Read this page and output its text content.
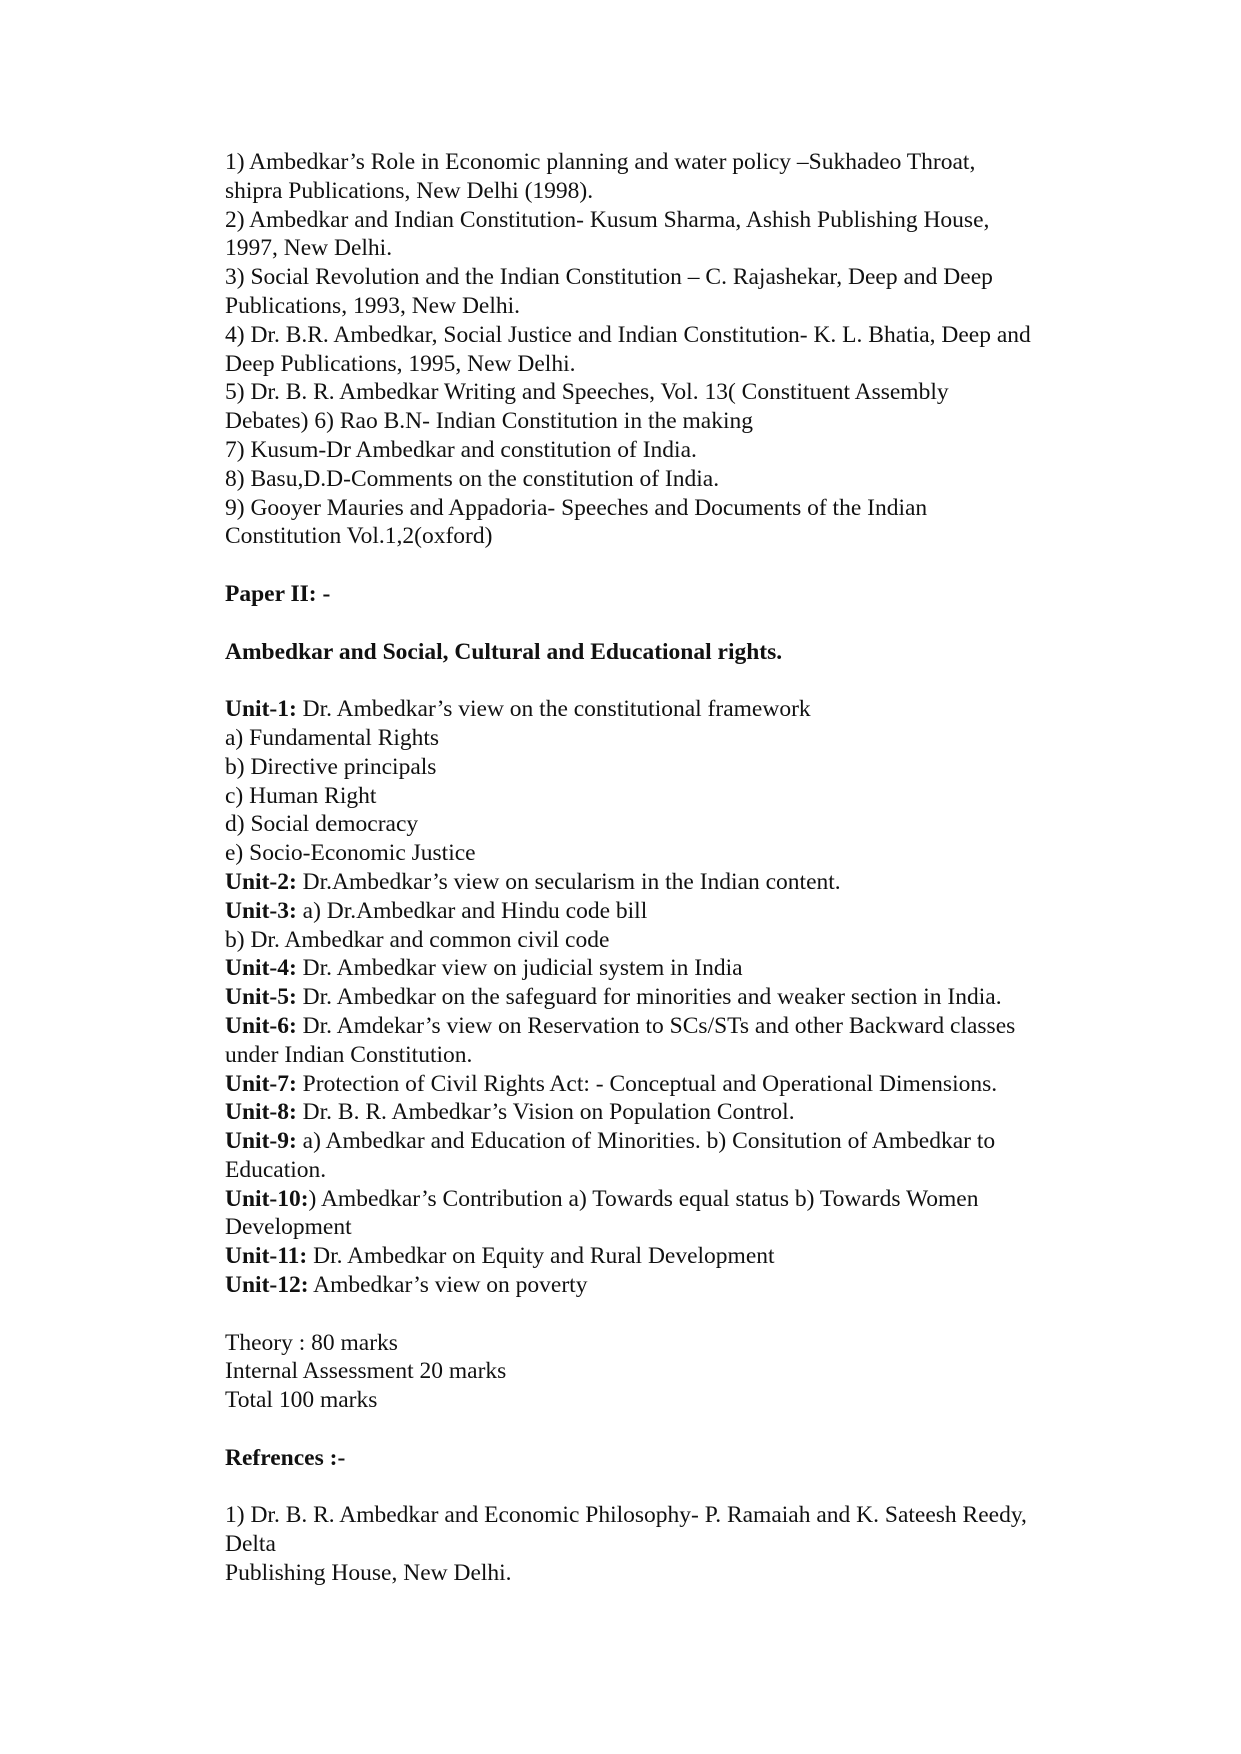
1) Ambedkar’s Role in Economic planning and water policy –Sukhadeo Throat,
shipra Publications, New Delhi (1998).
2) Ambedkar and Indian Constitution- Kusum Sharma, Ashish Publishing House,
1997, New Delhi.
3) Social Revolution and the Indian Constitution – C. Rajashekar, Deep and Deep
Publications, 1993, New Delhi.
4) Dr. B.R. Ambedkar, Social Justice and Indian Constitution- K. L. Bhatia, Deep and
Deep Publications, 1995, New Delhi.
5) Dr. B. R. Ambedkar Writing and Speeches, Vol. 13( Constituent Assembly
Debates) 6) Rao B.N- Indian Constitution in the making
7) Kusum-Dr Ambedkar and constitution of India.
8) Basu,D.D-Comments on the constitution of India.
9) Gooyer Mauries and Appadoria- Speeches and Documents of the Indian
Constitution Vol.1,2(oxford)
Paper II: -
Ambedkar and Social, Cultural and Educational rights.
Unit-1: Dr. Ambedkar’s view on the constitutional framework
a) Fundamental Rights
b) Directive principals
c) Human Right
d) Social democracy
e) Socio-Economic Justice
Unit-2: Dr.Ambedkar’s view on secularism in the Indian content.
Unit-3: a) Dr.Ambedkar and Hindu code bill
b) Dr. Ambedkar and common civil code
Unit-4: Dr. Ambedkar view on judicial system in India
Unit-5: Dr. Ambedkar on the safeguard for minorities and weaker section in India.
Unit-6: Dr. Amdekar’s view on Reservation to SCs/STs and other Backward classes
under Indian Constitution.
Unit-7: Protection of Civil Rights Act: - Conceptual and Operational Dimensions.
Unit-8: Dr. B. R. Ambedkar’s Vision on Population Control.
Unit-9: a) Ambedkar and Education of Minorities. b) Consitution of Ambedkar to
Education.
Unit-10:) Ambedkar’s Contribution a) Towards equal status b) Towards Women
Development
Unit-11: Dr. Ambedkar on Equity and Rural Development
Unit-12: Ambedkar’s view on poverty
Theory : 80 marks
Internal Assessment 20 marks
Total 100 marks
Refrences :-
1) Dr. B. R. Ambedkar and Economic Philosophy- P. Ramaiah and K. Sateesh Reedy,
Delta
Publishing House, New Delhi.
